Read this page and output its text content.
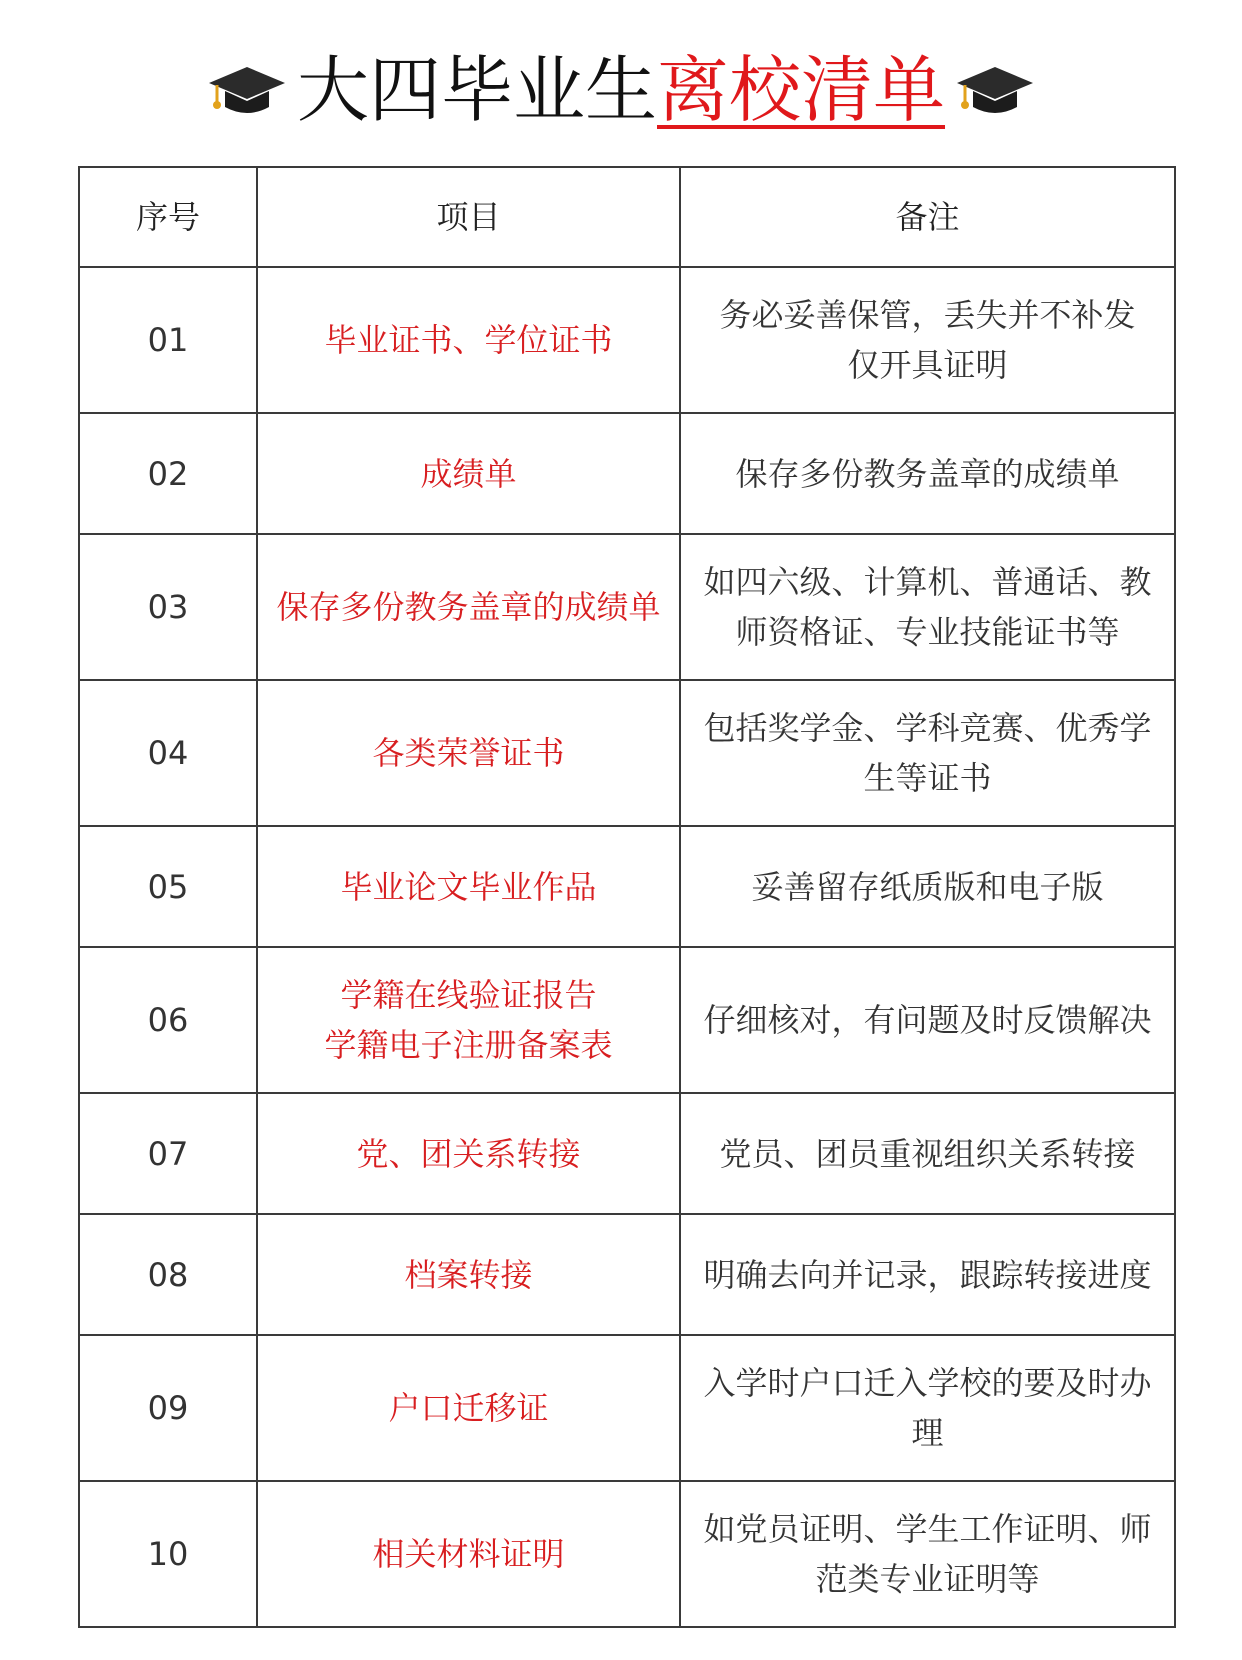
大四毕业生 离校清单
序号	项目	备注
01	毕业证书、学位证书	务必妥善保管，丢失并不补发
仅开具证明

02	成绩单	保存多份教务盖章的成绩单

03	保存多份教务盖章的成绩单	如四六级、计算机、普通话、教
师资格证、专业技能证书等

04	各类荣誉证书	包括奖学金、学科竞赛、优秀学
生等证书

05	毕业论文毕业作品	妥善留存纸质版和电子版

06	学籍在线验证报告
学籍电子注册备案表	仔细核对，有问题及时反馈解决

07	党、团关系转接	党员、团员重视组织关系转接

08	档案转接	明确去向并记录，跟踪转接进度

09	户口迁移证	入学时户口迁入学校的要及时办
理

10	相关材料证明	如党员证明、学生工作证明、师
范类专业证明等
